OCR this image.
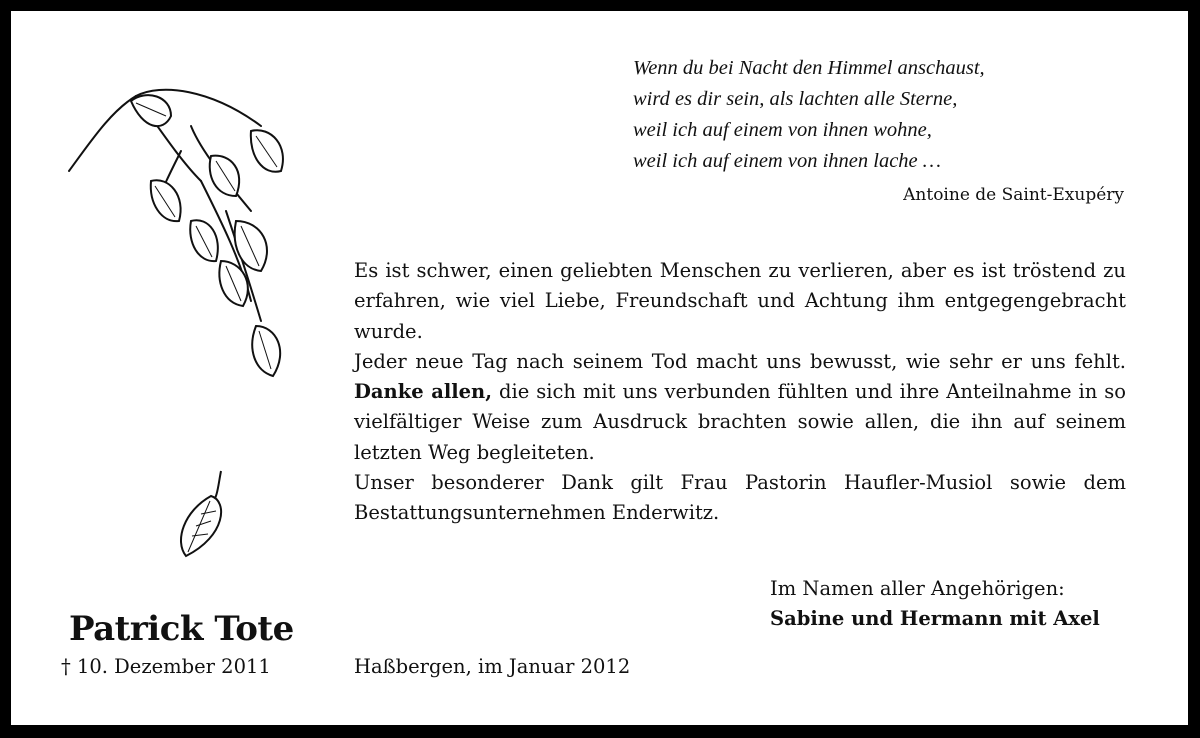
Wenn du bei Nacht den Himmel anschaust,
wird es dir sein, als lachten alle Sterne,
weil ich auf einem von ihnen wohne,
weil ich auf einem von ihnen lache …
Antoine de Saint-Exupéry

Es ist schwer, einen geliebten Menschen zu verlieren, aber es ist tröstend zu erfahren, wie viel Liebe, Freundschaft und Achtung ihm entgegengebracht wurde.

Jeder neue Tag nach seinem Tod macht uns bewusst, wie sehr er uns fehlt. Danke allen, die sich mit uns verbunden fühlten und ihre Anteilnahme in so vielfältiger Weise zum Ausdruck brachten sowie allen, die ihn auf seinem letzten Weg begleiteten.

Unser besonderer Dank gilt Frau Pastorin Haufler-Musiol sowie dem Bestattungsunternehmen Enderwitz.

Im Namen aller Angehörigen:
Sabine und Hermann mit Axel
Patrick Tote
† 10. Dezember 2011	Haßbergen, im Januar 2012
